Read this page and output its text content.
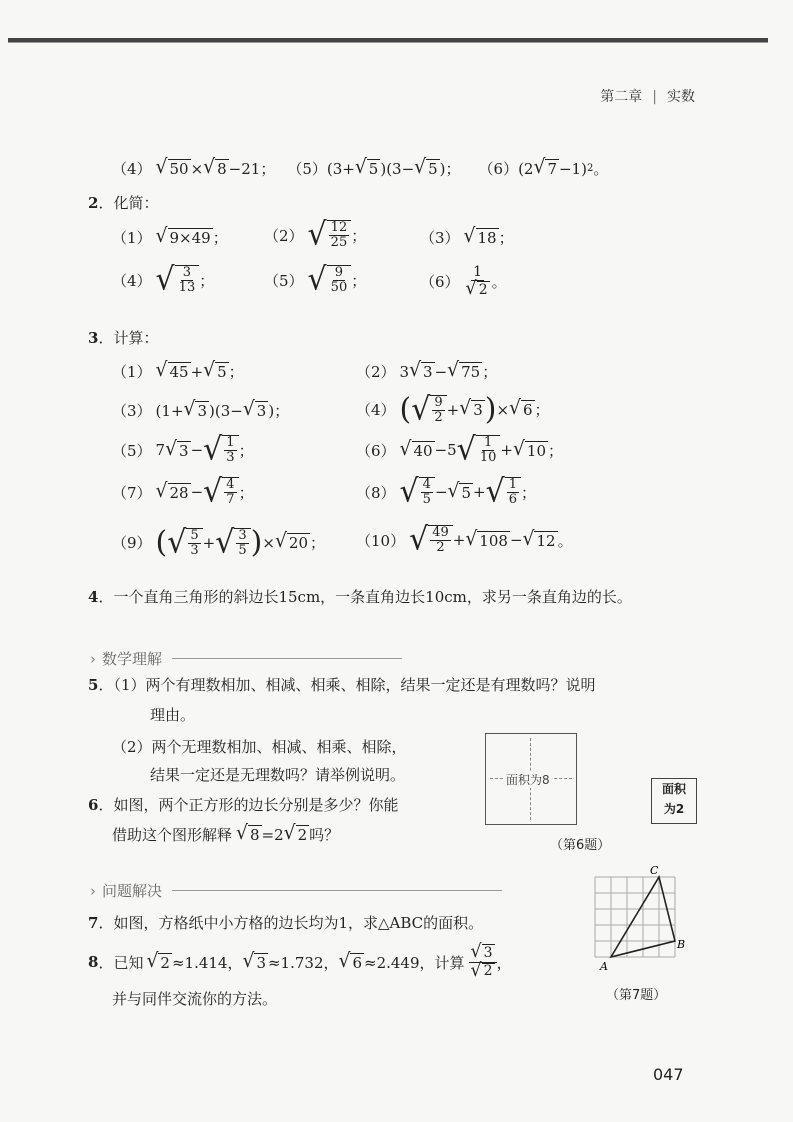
第二章 | 实数
（4） √ 50 × √ 8 −21； （5） (3+ √ 5 )(3− √ 5 )； （6） (2 √ 7 −1) 2 。
2．化简：
（1） √ 9×49 ； （2） √ $\frac{12}{25}$ ；	（3） √ 18 ；
（4） √ $\frac{3}{13}$ ；	（5） √ $\frac{9}{50}$ ；	$(6) \frac{1}{√ 2}$ 。
3．计算：
（1） √ 45 + √ 5 ；	（2） 3 √ 3 − √ 75 ；
（3） (1+ √ 3 )(3− √ 3 )；	（4） ( √ $\frac{9}{2}$ + √ 3 ) × √ 6 ；
（5） 7 √ 3 − √ $\frac{1}{3}$ ；	（6） √ 40 − 5 √ $\frac{1}{10}$ + √ 10 ；
（7） √ 28 − √ $\frac{4}{7}$ ；	（8） √ $\frac{4}{5}$ − √ 5 + √ $\frac{1}{6}$ ；
（9） ( √ $\frac{5}{3}$ + √ $\frac{3}{5}$ ) × √ 20 ； （10） √ $\frac{49}{2}$ + √ 108 − √ 12 。
4．一个直角三角形的斜边长15cm，一条直角边长10cm，求另一条直角边的长。
› 数学理解
5．（1）两个有理数相加、相减、相乘、相除，结果一定还是有理数吗？说明
理由。
（2）两个无理数相加、相减、相乘、相除，
结果一定还是无理数吗？请举例说明。
6．如图，两个正方形的边长分别是多少？你能
借助这个图形解释 √ 8 =2 √ 2 吗？
面积为8
面积
为2
（第6题）
› 问题解决
7．如图，方格纸中小方格的边长均为1，求△ABC的面积。
A
B
C
（第7题）
8 ． 已知 √ 2 ≈1.414， √ 3 ≈1.732， √ 6 ≈2.449，计算 $\frac{√ 3}{√ 2}$ ，
并与同伴交流你的方法。
047
